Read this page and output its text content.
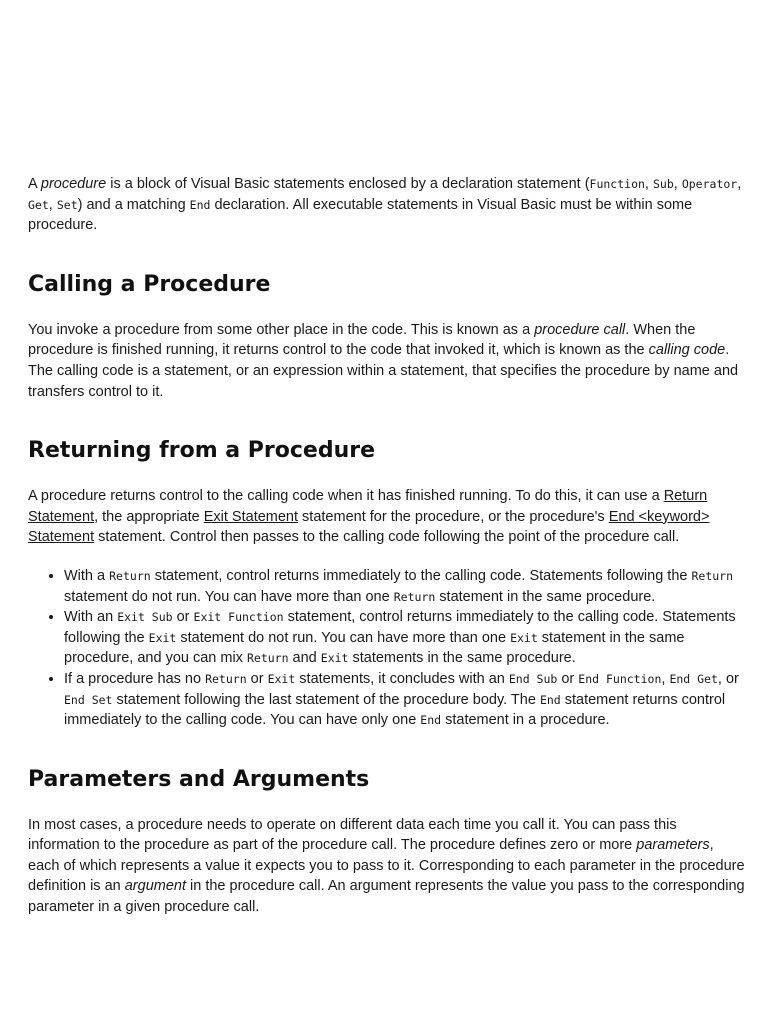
A procedure is a block of Visual Basic statements enclosed by a declaration statement (Function, Sub, Operator, Get, Set) and a matching End declaration. All executable statements in Visual Basic must be within some procedure.

Calling a Procedure

You invoke a procedure from some other place in the code. This is known as a procedure call. When the procedure is finished running, it returns control to the code that invoked it, which is known as the calling code. The calling code is a statement, or an expression within a statement, that specifies the procedure by name and transfers control to it.

Returning from a Procedure

A procedure returns control to the calling code when it has finished running. To do this, it can use a Return Statement, the appropriate Exit Statement statement for the procedure, or the procedure's End <keyword> Statement statement. Control then passes to the calling code following the point of the procedure call.

• With a Return statement, control returns immediately to the calling code. Statements following the Return statement do not run. You can have more than one Return statement in the same procedure.
• With an Exit Sub or Exit Function statement, control returns immediately to the calling code. Statements following the Exit statement do not run. You can have more than one Exit statement in the same procedure, and you can mix Return and Exit statements in the same procedure.
• If a procedure has no Return or Exit statements, it concludes with an End Sub or End Function, End Get, or End Set statement following the last statement of the procedure body. The End statement returns control immediately to the calling code. You can have only one End statement in a procedure.
Parameters and Arguments

In most cases, a procedure needs to operate on different data each time you call it. You can pass this information to the procedure as part of the procedure call. The procedure defines zero or more parameters, each of which represents a value it expects you to pass to it. Corresponding to each parameter in the procedure definition is an argument in the procedure call. An argument represents the value you pass to the corresponding parameter in a given procedure call.
